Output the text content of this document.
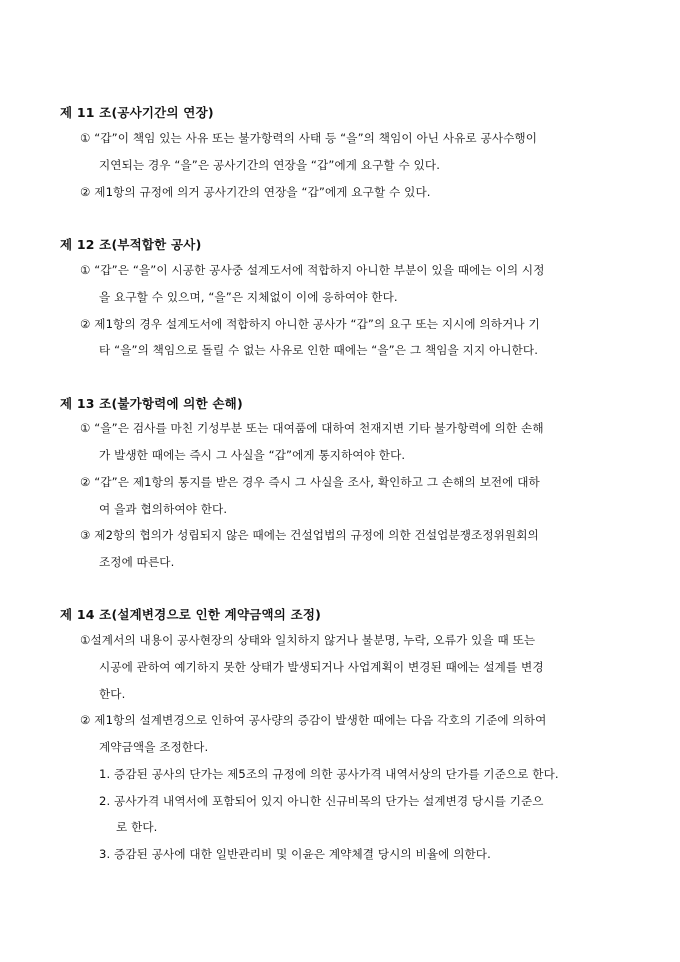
제 11 조(공사기간의 연장)
① “갑”이 책임 있는 사유 또는 불가항력의 사태 등 “을”의 책임이 아닌 사유로 공사수행이
지연되는 경우 “을”은 공사기간의 연장을 “갑”에게 요구할 수 있다.
② 제1항의 규정에 의거 공사기간의 연장을 “갑”에게 요구할 수 있다.
제 12 조(부적합한 공사)
① “갑”은 “을”이 시공한 공사중 설계도서에 적합하지 아니한 부분이 있을 때에는 이의 시정
을 요구할 수 있으며, “을”은 지체없이 이에 응하여야 한다.
② 제1항의 경우 설계도서에 적합하지 아니한 공사가 “갑”의 요구 또는 지시에 의하거나 기
타 “을”의 책임으로 돌릴 수 없는 사유로 인한 때에는 “을”은 그 책임을 지지 아니한다.
제 13 조(불가항력에 의한 손해)
① “을”은 검사를 마친 기성부분 또는 대여품에 대하여 천재지변 기타 불가항력에 의한 손해
가 발생한 때에는 즉시 그 사실을 “갑”에게 통지하여야 한다.
② “갑”은 제1항의 통지를 받은 경우 즉시 그 사실을 조사, 확인하고 그 손해의 보전에 대하
여 을과 협의하여야 한다.
③ 제2항의 협의가 성립되지 않은 때에는 건설업법의 규정에 의한 건설업분쟁조정위원회의
조정에 따른다.
제 14 조(설계변경으로 인한 계약금액의 조정)
①설계서의 내용이 공사현장의 상태와 일치하지 않거나 불분명, 누락, 오류가 있을 때 또는
시공에 관하여 예기하지 못한 상태가 발생되거나 사업계획이 변경된 때에는 설계를 변경
한다.
② 제1항의 설계변경으로 인하여 공사량의 증감이 발생한 때에는 다음 각호의 기준에 의하여
계약금액을 조정한다.
1. 증감된 공사의 단가는 제5조의 규정에 의한 공사가격 내역서상의 단가를 기준으로 한다.
2. 공사가격 내역서에 포함되어 있지 아니한 신규비목의 단가는 설계변경 당시를 기준으
로 한다.
3. 증감된 공사에 대한 일반관리비 및 이윤은 계약체결 당시의 비율에 의한다.
